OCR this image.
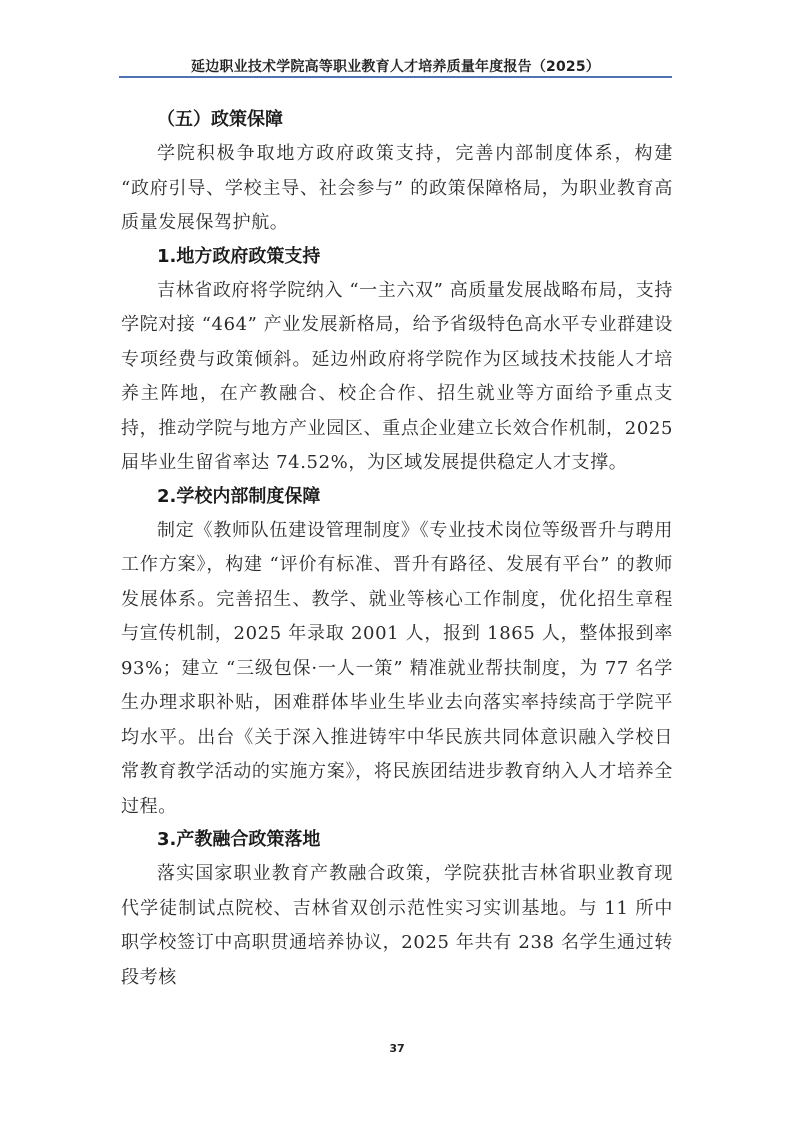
延边职业技术学院高等职业教育人才培养质量年度报告（2025）
（五）政策保障

学院积极争取地方政府政策支持，完善内部制度体系，构建 “政府引导、学校主导、社会参与” 的政策保障格局，为职业教育高质量发展保驾护航。

1.地方政府政策支持

吉林省政府将学院纳入 “一主六双” 高质量发展战略布局，支持学院对接 “464” 产业发展新格局，给予省级特色高水平专业群建设专项经费与政策倾斜。延边州政府将学院作为区域技术技能人才培养主阵地，在产教融合、校企合作、招生就业等方面给予重点支持，推动学院与地方产业园区、重点企业建立长效合作机制，2025 届毕业生留省率达 74.52%，为区域发展提供稳定人才支撑。

2.学校内部制度保障

制定《教师队伍建设管理制度》《专业技术岗位等级晋升与聘用工作方案》，构建 “评价有标准、晋升有路径、发展有平台” 的教师发展体系。完善招生、教学、就业等核心工作制度，优化招生章程与宣传机制，2025 年录取 2001 人，报到 1865 人，整体报到率 93%；建立 “三级包保·一人一策” 精准就业帮扶制度，为 77 名学生办理求职补贴，困难群体毕业生毕业去向落实率持续高于学院平均水平。出台《关于深入推进铸牢中华民族共同体意识融入学校日常教育教学活动的实施方案》，将民族团结进步教育纳入人才培养全过程。

3.产教融合政策落地

落实国家职业教育产教融合政策，学院获批吉林省职业教育现代学徒制试点院校、吉林省双创示范性实习实训基地。与 11 所中职学校签订中高职贯通培养协议，2025 年共有 238 名学生通过转段考核

37
